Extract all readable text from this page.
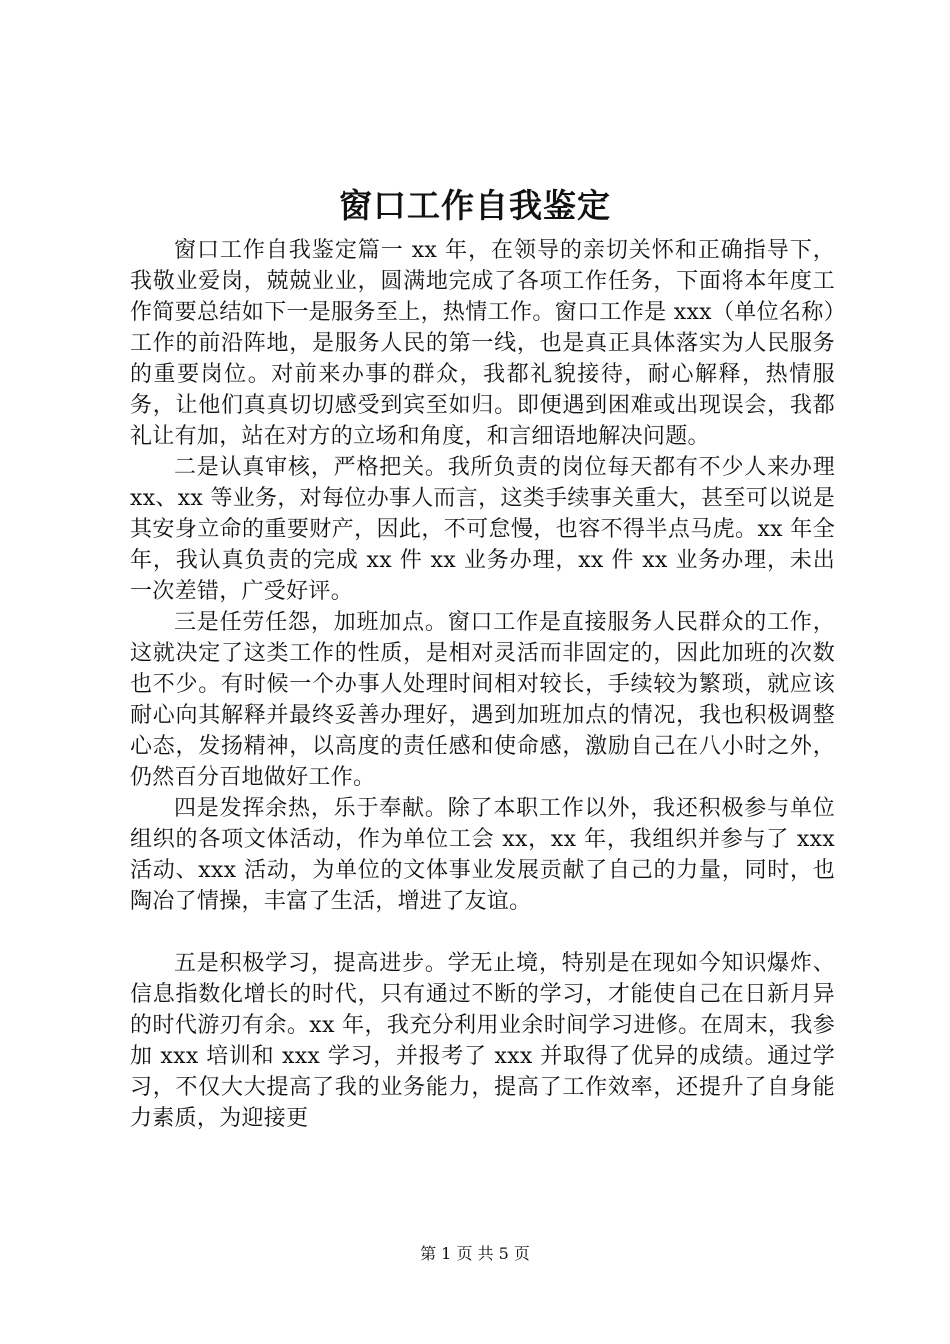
窗口工作自我鉴定

窗口工作自我鉴定篇一 xx 年，在领导的亲切关怀和正确指导下，我敬业爱岗，兢兢业业，圆满地完成了各项工作任务，下面将本年度工作简要总结如下一是服务至上，热情工作。窗口工作是 xxx（单位名称）工作的前沿阵地，是服务人民的第一线，也是真正具体落实为人民服务的重要岗位。对前来办事的群众，我都礼貌接待，耐心解释，热情服务，让他们真真切切感受到宾至如归。即便遇到困难或出现误会，我都礼让有加，站在对方的立场和角度，和言细语地解决问题。

二是认真审核，严格把关。我所负责的岗位每天都有不少人来办理 xx、xx 等业务，对每位办事人而言，这类手续事关重大，甚至可以说是其安身立命的重要财产，因此，不可怠慢，也容不得半点马虎。xx 年全年，我认真负责的完成 xx 件 xx 业务办理，xx 件 xx 业务办理，未出一次差错，广受好评。

三是任劳任怨，加班加点。窗口工作是直接服务人民群众的工作，这就决定了这类工作的性质，是相对灵活而非固定的，因此加班的次数也不少。有时候一个办事人处理时间相对较长，手续较为繁琐，就应该耐心向其解释并最终妥善办理好，遇到加班加点的情况，我也积极调整心态，发扬精神，以高度的责任感和使命感，激励自己在八小时之外，仍然百分百地做好工作。

四是发挥余热，乐于奉献。除了本职工作以外，我还积极参与单位组织的各项文体活动，作为单位工会 xx，xx 年，我组织并参与了 xxx 活动、xxx 活动，为单位的文体事业发展贡献了自己的力量，同时，也陶冶了情操，丰富了生活，增进了友谊。

五是积极学习，提高进步。学无止境，特别是在现如今知识爆炸、信息指数化增长的时代，只有通过不断的学习，才能使自己在日新月异的时代游刃有余。xx 年，我充分利用业余时间学习进修。在周末，我参加 xxx 培训和 xxx 学习，并报考了 xxx 并取得了优异的成绩。通过学习，不仅大大提高了我的业务能力，提高了工作效率，还提升了自身能力素质，为迎接更

第 1 页 共 5 页
